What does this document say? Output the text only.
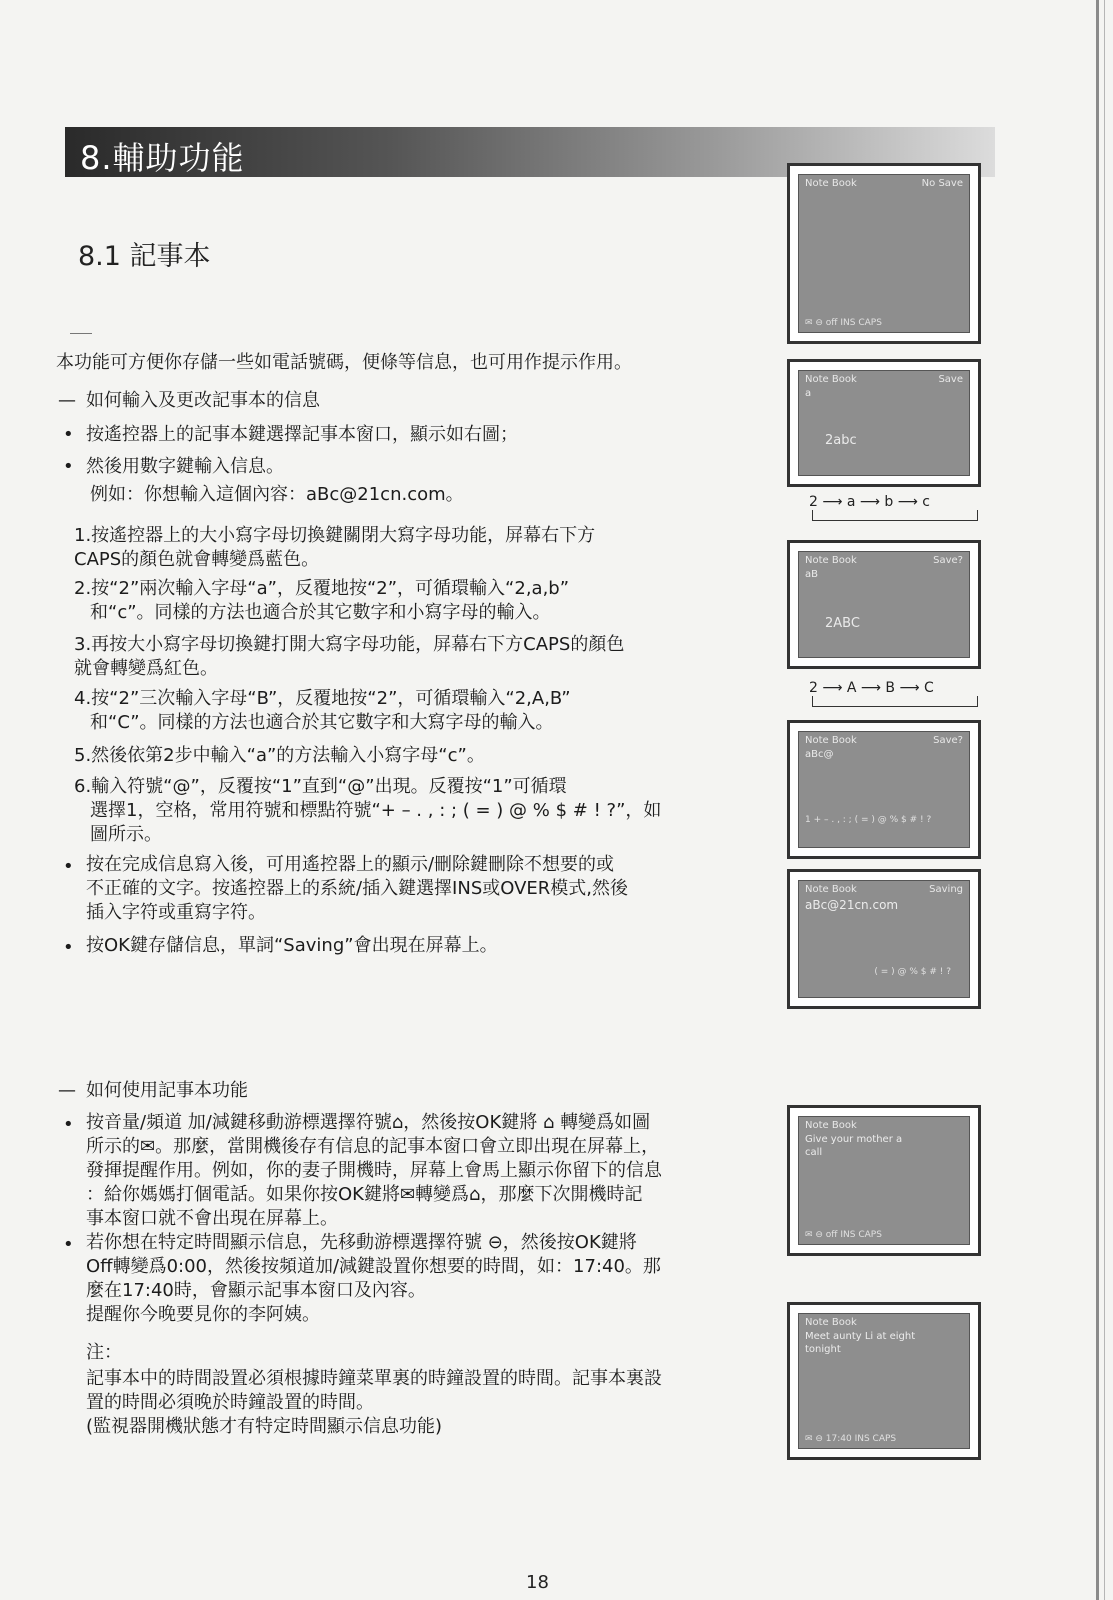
8.輔助功能
8.1 記事本
本功能可方便你存儲一些如電話號碼，便條等信息，也可用作提示作用。
— 如何輸入及更改記事本的信息
• 按遙控器上的記事本鍵選擇記事本窗口，顯示如右圖；
• 然後用數字鍵輸入信息。
例如：你想輸入這個內容：aBc@21cn.com。
1.按遙控器上的大小寫字母切換鍵關閉大寫字母功能，屏幕右下方
CAPS的顏色就會轉變爲藍色。
2.按“2”兩次輸入字母“a”，反覆地按“2”，可循環輸入“2,a,b”
和“c”。同樣的方法也適合於其它數字和小寫字母的輸入。
3.再按大小寫字母切換鍵打開大寫字母功能，屏幕右下方CAPS的顏色
就會轉變爲紅色。
4.按“2”三次輸入字母“B”，反覆地按“2”，可循環輸入“2,A,B”
和“C”。同樣的方法也適合於其它數字和大寫字母的輸入。
5.然後依第2步中輸入“a”的方法輸入小寫字母“c”。
6.輸入符號“@”，反覆按“1”直到“@”出現。反覆按“1”可循環
選擇1，空格，常用符號和標點符號“+ – . , : ; ( = ) @ % $ # ! ?”，如
圖所示。
• 按在完成信息寫入後，可用遙控器上的顯示/刪除鍵刪除不想要的或
不正確的文字。按遙控器上的系統/插入鍵選擇INS或OVER模式,然後
插入字符或重寫字符。
• 按OK鍵存儲信息，單詞“Saving”會出現在屏幕上。
— 如何使用記事本功能
• 按音量/頻道 加/減鍵移動游標選擇符號⌂，然後按OK鍵將 ⌂ 轉變爲如圖
所示的✉。那麼，當開機後存有信息的記事本窗口會立即出現在屏幕上，
發揮提醒作用。例如，你的妻子開機時，屏幕上會馬上顯示你留下的信息
：給你媽媽打個電話。如果你按OK鍵將✉轉變爲⌂，那麼下次開機時記
事本窗口就不會出現在屏幕上。
• 若你想在特定時間顯示信息，先移動游標選擇符號 ⊖，然後按OK鍵將
Off轉變爲0:00，然後按頻道加/減鍵設置你想要的時間，如：17:40。那
麼在17:40時，會顯示記事本窗口及內容。
提醒你今晚要見你的李阿姨。
注：
記事本中的時間設置必須根據時鐘菜單裏的時鐘設置的時間。記事本裏設
置的時間必須晚於時鐘設置的時間。
(監視器開機狀態才有特定時間顯示信息功能)
Note Book	No Save
✉ ⊖ off INS CAPS
Note Book	Save
a
2abc
2 ⟶ a ⟶ b ⟶ c
Note Book	Save?
aB
2ABC
2 ⟶ A ⟶ B ⟶ C
Note Book	Save?
aBc@
1 + – . , : ; ( = ) @ % $ # ! ?
Note Book	Saving
aBc@21cn.com
( = ) @ % $ # ! ?
Note Book
Give your mother a
call
✉ ⊖ off INS CAPS
Note Book
Meet aunty Li at eight
tonight
✉ ⊖ 17:40 INS CAPS
18
